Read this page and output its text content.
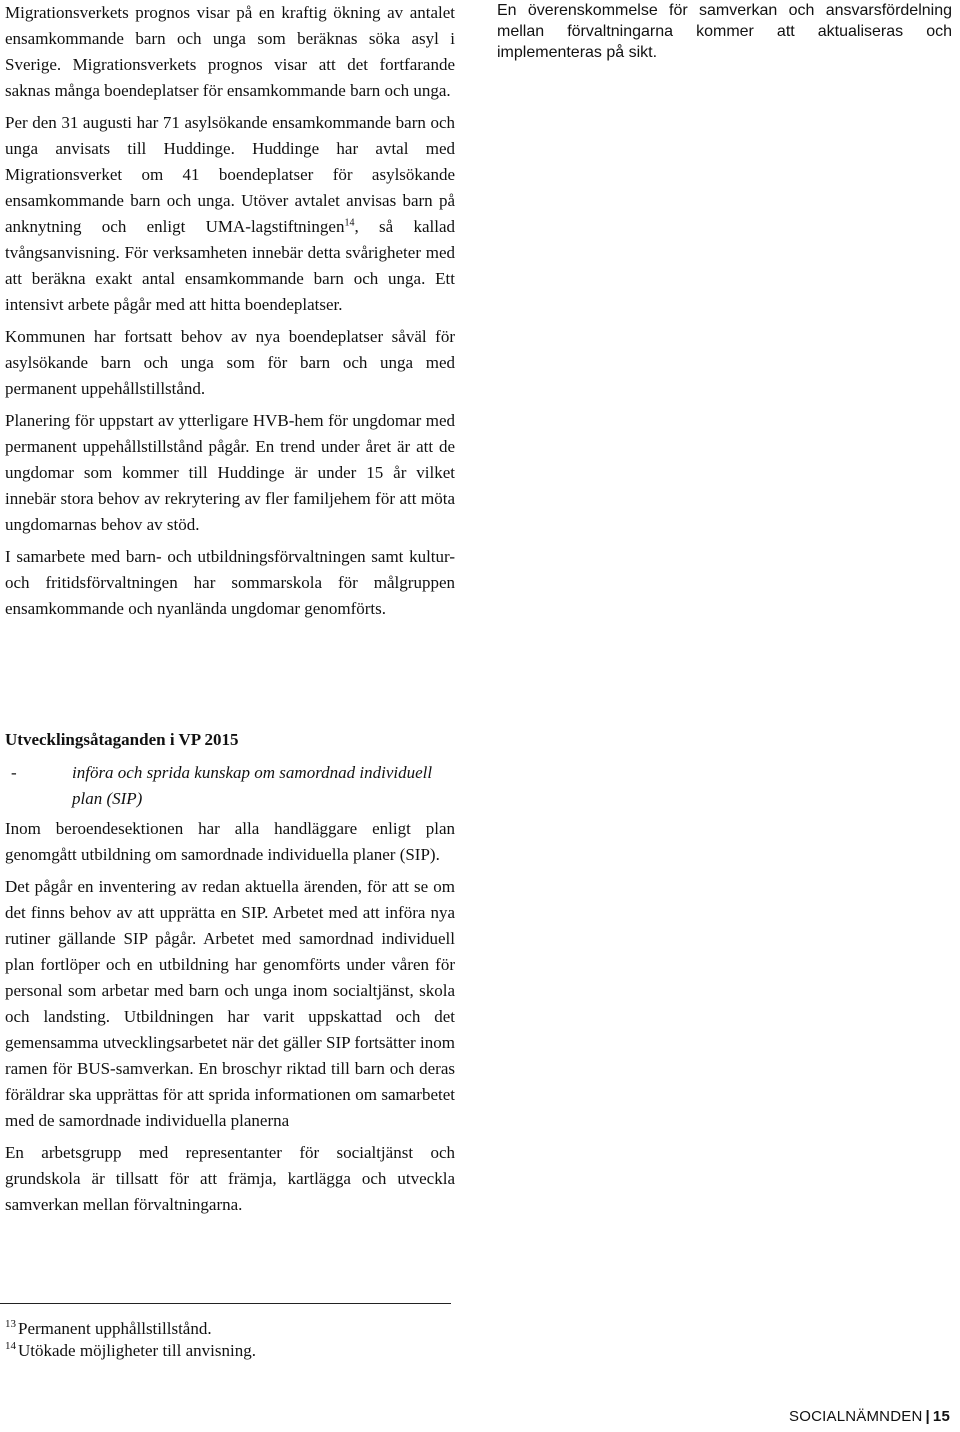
Migrationsverkets prognos visar på en kraftig ökning av antalet ensamkommande barn och unga som beräknas söka asyl i Sverige. Migrationsverkets prognos visar att det fortfarande saknas många boendeplatser för ensamkommande barn och unga.

Per den 31 augusti har 71 asylsökande ensamkommande barn och unga anvisats till Huddinge. Huddinge har avtal med Migrationsverket om 41 boendeplatser för asylsökande ensamkommande barn och unga. Utöver avtalet anvisas barn på anknytning och enligt UMA-lagstiftningen$^{14}$, så kallad tvångsanvisning. För verksamheten innebär detta svårigheter med att beräkna exakt antal ensamkommande barn och unga. Ett intensivt arbete pågår med att hitta boendeplatser.

Kommunen har fortsatt behov av nya boendeplatser såväl för asylsökande barn och unga som för barn och unga med permanent uppehållstillstånd.

Planering för uppstart av ytterligare HVB-hem för ungdomar med permanent uppehållstillstånd pågår. En trend under året är att de ungdomar som kommer till Huddinge är under 15 år vilket innebär stora behov av rekrytering av fler familjehem för att möta ungdomarnas behov av stöd.

I samarbete med barn- och utbildningsförvaltningen samt kultur- och fritidsförvaltningen har sommarskola för målgruppen ensamkommande och nyanlända ungdomar genomförts.

En överenskommelse för samverkan och ansvarsfördelning mellan förvaltningarna kommer att aktualiseras och implementeras på sikt.

Utvecklingsåtaganden i VP 2015
-	införa och sprida kunskap om samordnad individuell plan (SIP)

Inom beroendesektionen har alla handläggare enligt plan genomgått utbildning om samordnade individuella planer (SIP).

Det pågår en inventering av redan aktuella ärenden, för att se om det finns behov av att upprätta en SIP. Arbetet med att införa nya rutiner gällande SIP pågår. Arbetet med samordnad individuell plan fortlöper och en utbildning har genomförts under våren för personal som arbetar med barn och unga inom socialtjänst, skola och landsting. Utbildningen har varit uppskattad och det gemensamma utvecklingsarbetet när det gäller SIP fortsätter inom ramen för BUS-samverkan. En broschyr riktad till barn och deras föräldrar ska upprättas för att sprida informationen om samarbetet med de samordnade individuella planerna

En arbetsgrupp med representanter för socialtjänst och grundskola är tillsatt för att främja, kartlägga och utveckla samverkan mellan förvaltningarna.

$^{13}$ Permanent upphållstillstånd.

$^{14}$ Utökade möjligheter till anvisning.

SOCIALNÄMNDEN | 15
